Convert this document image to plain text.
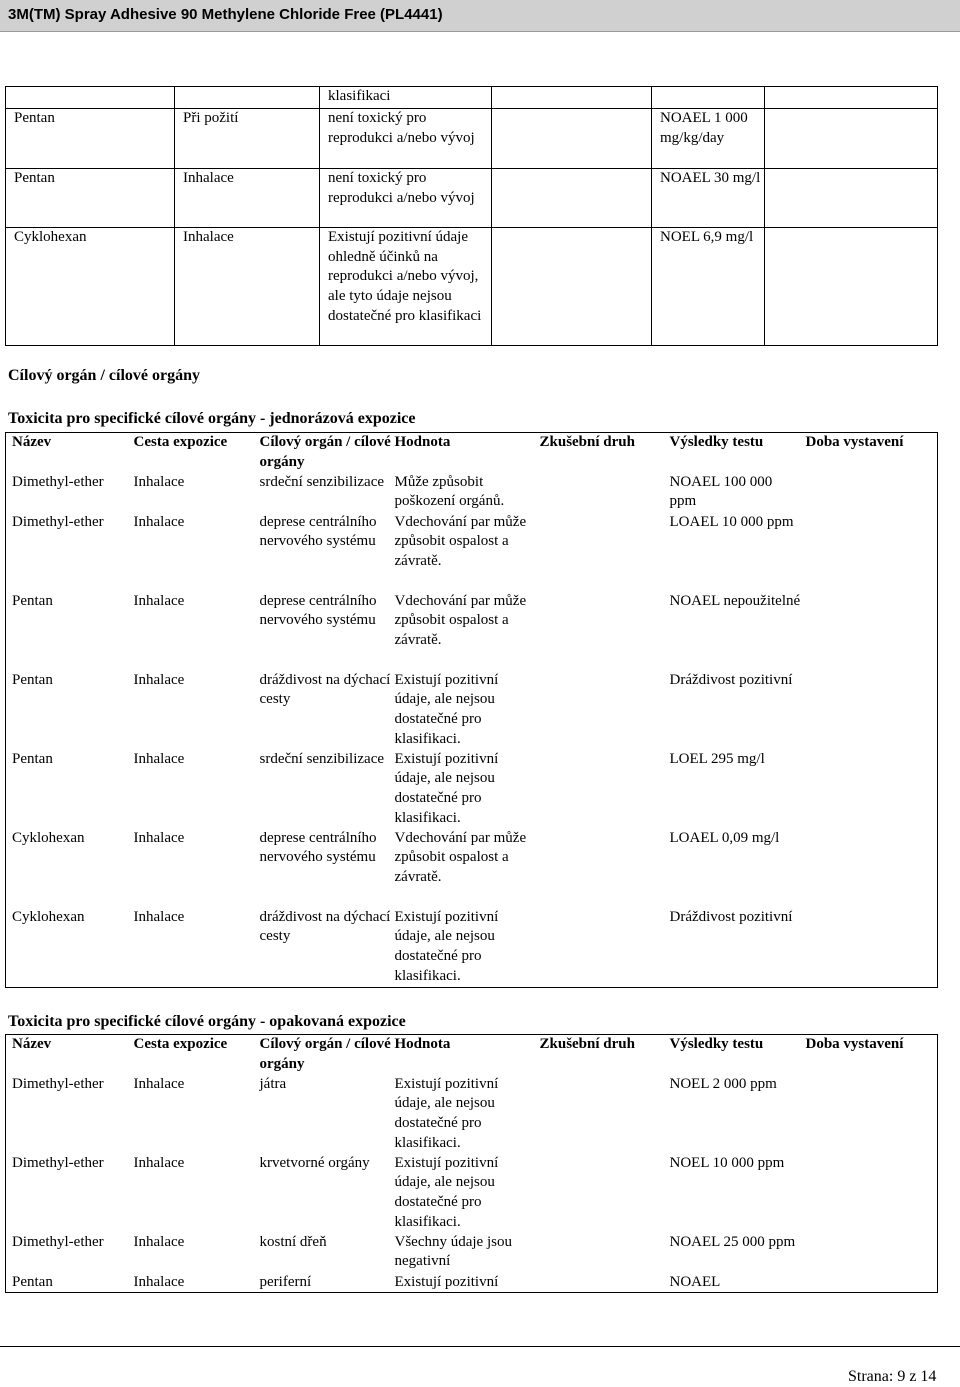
3M(TM) Spray Adhesive 90 Methylene Chloride Free (PL4441)
		klasifikaci			
Pentan	Při požití	není toxický pro reprodukci a/nebo vývoj		NOAEL 1 000 mg/kg/day	
Pentan	Inhalace	není toxický pro reprodukci a/nebo vývoj		NOAEL 30 mg/l	
Cyklohexan	Inhalace	Existují pozitivní údaje ohledně účinků na reprodukci a/nebo vývoj, ale tyto údaje nejsou dostatečné pro klasifikaci		NOEL 6,9 mg/l	
Cílový orgán / cílové orgány
Toxicita pro specifické cílové orgány - jednorázová expozice
Název	Cesta expozice	Cílový orgán / cílové orgány	Hodnota	Zkušební druh	Výsledky testu	Doba vystavení
Dimethyl-ether	Inhalace	srdeční senzibilizace	Může způsobit poškození orgánů.		NOAEL 100 000 ppm	
Dimethyl-ether	Inhalace	deprese centrálního nervového systému	Vdechování par může způsobit ospalost a závratě.		LOAEL 10 000 ppm	
Pentan	Inhalace	deprese centrálního nervového systému	Vdechování par může způsobit ospalost a závratě.		NOAEL nepoužitelné	
Pentan	Inhalace	dráždivost na dýchací cesty	Existují pozitivní údaje, ale nejsou dostatečné pro klasifikaci.		Dráždivost pozitivní	
Pentan	Inhalace	srdeční senzibilizace	Existují pozitivní údaje, ale nejsou dostatečné pro klasifikaci.		LOEL 295 mg/l	
Cyklohexan	Inhalace	deprese centrálního nervového systému	Vdechování par může způsobit ospalost a závratě.		LOAEL 0,09 mg/l	
Cyklohexan	Inhalace	dráždivost na dýchací cesty	Existují pozitivní údaje, ale nejsou dostatečné pro klasifikaci.		Dráždivost pozitivní	
Toxicita pro specifické cílové orgány - opakovaná expozice
Název	Cesta expozice	Cílový orgán / cílové orgány	Hodnota	Zkušební druh	Výsledky testu	Doba vystavení
Dimethyl-ether	Inhalace	játra	Existují pozitivní údaje, ale nejsou dostatečné pro klasifikaci.		NOEL 2 000 ppm	
Dimethyl-ether	Inhalace	krvetvorné orgány	Existují pozitivní údaje, ale nejsou dostatečné pro klasifikaci.		NOEL 10 000 ppm	
Dimethyl-ether	Inhalace	kostní dřeň	Všechny údaje jsou negativní		NOAEL 25 000 ppm	
Pentan	Inhalace	periferní	Existují pozitivní		NOAEL	
Strana: 9 z 14
